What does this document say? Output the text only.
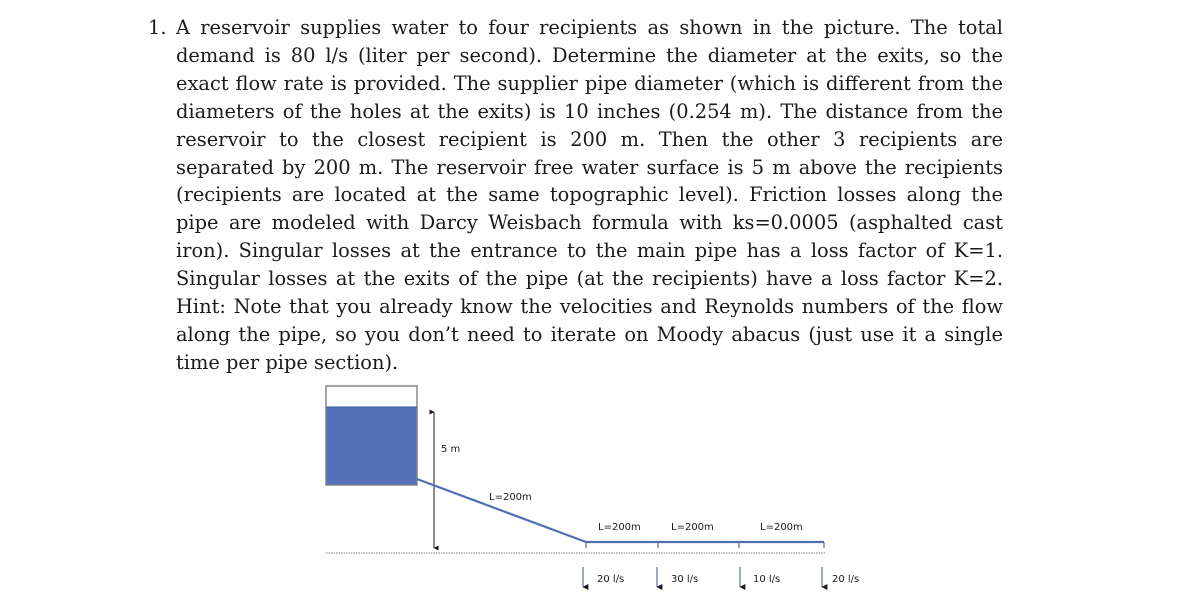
1. A reservoir supplies water to four recipients as shown in the picture. The total demand is 80 l/s (liter per second). Determine the diameter at the exits, so the exact flow rate is provided. The supplier pipe diameter (which is different from the diameters of the holes at the exits) is 10 inches (0.254 m). The distance from the reservoir to the closest recipient is 200 m. Then the other 3 recipients are separated by 200 m. The reservoir free water surface is 5 m above the recipients (recipients are located at the same topographic level). Friction losses along the pipe are modeled with Darcy Weisbach formula with ks=0.0005 (asphalted cast iron). Singular losses at the entrance to the main pipe has a loss factor of K=1. Singular losses at the exits of the pipe (at the recipients) have a loss factor K=2. Hint: Note that you already know the velocities and Reynolds numbers of the flow along the pipe, so you don’t need to iterate on Moody abacus (just use it a single time per pipe section).
5 m
L=200m
L=200m	L=200m	L=200m
20 l/s	30 l/s	10 l/s	20 l/s
